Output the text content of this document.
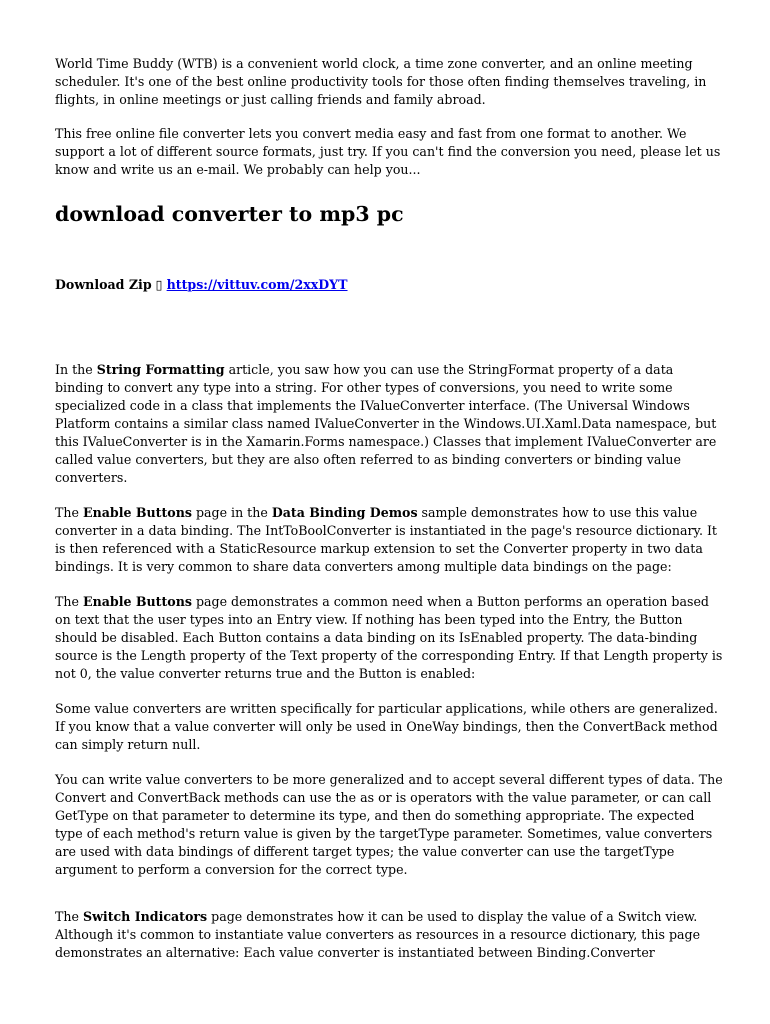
World Time Buddy (WTB) is a convenient world clock, a time zone converter, and an online meeting scheduler. It's one of the best online productivity tools for those often finding themselves traveling, in flights, in online meetings or just calling friends and family abroad.

This free online file converter lets you convert media easy and fast from one format to another. We support a lot of different source formats, just try. If you can't find the conversion you need, please let us know and write us an e-mail. We probably can help you...

download converter to mp3 pc
Download Zip ▯ https://vittuv.com/2xxDYT

In the String Formatting article, you saw how you can use the StringFormat property of a data binding to convert any type into a string. For other types of conversions, you need to write some specialized code in a class that implements the IValueConverter interface. (The Universal Windows Platform contains a similar class named IValueConverter in the Windows.UI.Xaml.Data namespace, but this IValueConverter is in the Xamarin.Forms namespace.) Classes that implement IValueConverter are called value converters, but they are also often referred to as binding converters or binding value converters.

The Enable Buttons page in the Data Binding Demos sample demonstrates how to use this value converter in a data binding. The IntToBoolConverter is instantiated in the page's resource dictionary. It is then referenced with a StaticResource markup extension to set the Converter property in two data bindings. It is very common to share data converters among multiple data bindings on the page:

The Enable Buttons page demonstrates a common need when a Button performs an operation based on text that the user types into an Entry view. If nothing has been typed into the Entry, the Button should be disabled. Each Button contains a data binding on its IsEnabled property. The data-binding source is the Length property of the Text property of the corresponding Entry. If that Length property is not 0, the value converter returns true and the Button is enabled:

Some value converters are written specifically for particular applications, while others are generalized. If you know that a value converter will only be used in OneWay bindings, then the ConvertBack method can simply return null.

You can write value converters to be more generalized and to accept several different types of data. The Convert and ConvertBack methods can use the as or is operators with the value parameter, or can call GetType on that parameter to determine its type, and then do something appropriate. The expected type of each method's return value is given by the targetType parameter. Sometimes, value converters are used with data bindings of different target types; the value converter can use the targetType argument to perform a conversion for the correct type.

The Switch Indicators page demonstrates how it can be used to display the value of a Switch view. Although it's common to instantiate value converters as resources in a resource dictionary, this page demonstrates an alternative: Each value converter is instantiated between Binding.Converter
